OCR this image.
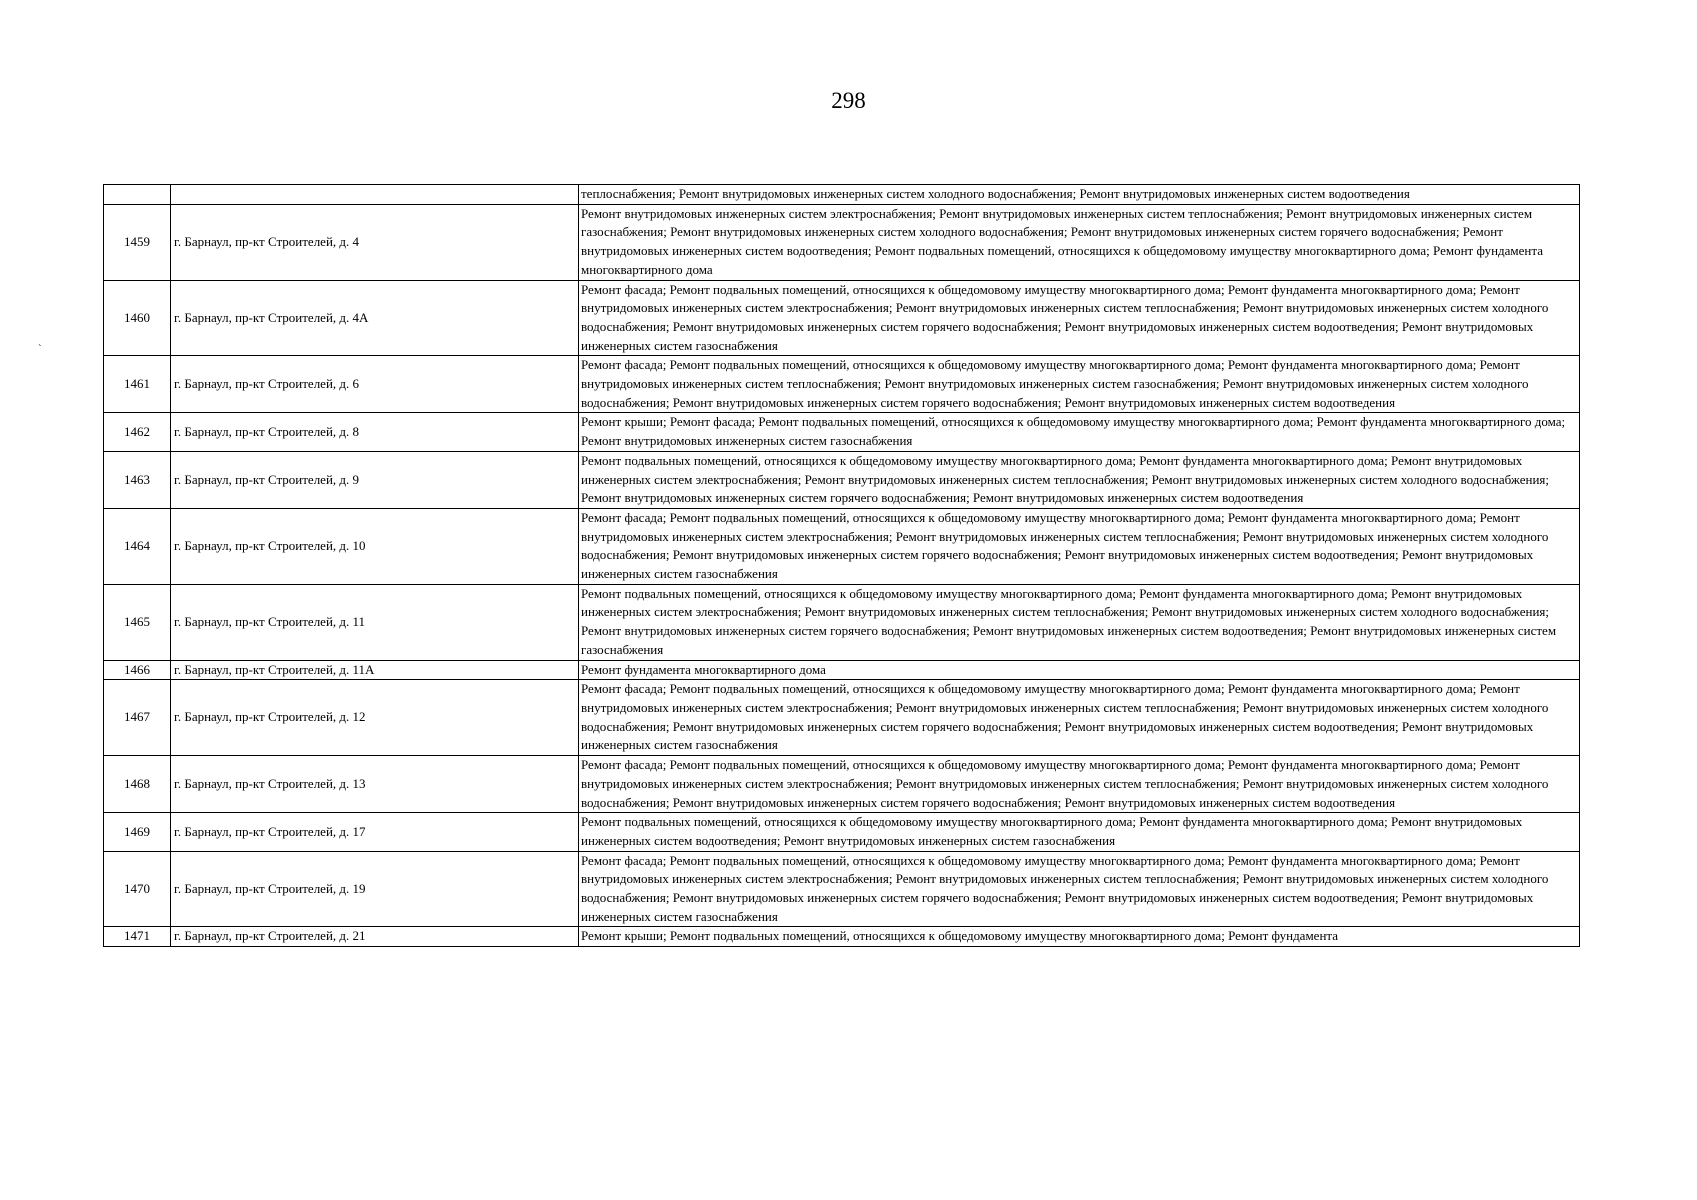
298
ˋ
		теплоснабжения; Ремонт внутридомовых инженерных систем холодного водоснабжения; Ремонт внутридомовых инженерных систем водоотведения
1459	г. Барнаул, пр-кт Строителей, д. 4	Ремонт внутридомовых инженерных систем электроснабжения; Ремонт внутридомовых инженерных систем теплоснабжения; Ремонт внутридомовых инженерных систем газоснабжения; Ремонт внутридомовых инженерных систем холодного водоснабжения; Ремонт внутридомовых инженерных систем горячего водоснабжения; Ремонт внутридомовых инженерных систем водоотведения; Ремонт подвальных помещений, относящихся к общедомовому имуществу многоквартирного дома; Ремонт фундамента многоквартирного дома
1460	г. Барнаул, пр-кт Строителей, д. 4А	Ремонт фасада; Ремонт подвальных помещений, относящихся к общедомовому имуществу многоквартирного дома; Ремонт фундамента многоквартирного дома; Ремонт внутридомовых инженерных систем электроснабжения; Ремонт внутридомовых инженерных систем теплоснабжения; Ремонт внутридомовых инженерных систем холодного водоснабжения; Ремонт внутридомовых инженерных систем горячего водоснабжения; Ремонт внутридомовых инженерных систем водоотведения; Ремонт внутридомовых инженерных систем газоснабжения
1461	г. Барнаул, пр-кт Строителей, д. 6	Ремонт фасада; Ремонт подвальных помещений, относящихся к общедомовому имуществу многоквартирного дома; Ремонт фундамента многоквартирного дома; Ремонт внутридомовых инженерных систем теплоснабжения; Ремонт внутридомовых инженерных систем газоснабжения; Ремонт внутридомовых инженерных систем холодного водоснабжения; Ремонт внутридомовых инженерных систем горячего водоснабжения; Ремонт внутридомовых инженерных систем водоотведения
1462	г. Барнаул, пр-кт Строителей, д. 8	Ремонт крыши; Ремонт фасада; Ремонт подвальных помещений, относящихся к общедомовому имуществу многоквартирного дома; Ремонт фундамента многоквартирного дома; Ремонт внутридомовых инженерных систем газоснабжения
1463	г. Барнаул, пр-кт Строителей, д. 9	Ремонт подвальных помещений, относящихся к общедомовому имуществу многоквартирного дома; Ремонт фундамента многоквартирного дома; Ремонт внутридомовых инженерных систем электроснабжения; Ремонт внутридомовых инженерных систем теплоснабжения; Ремонт внутридомовых инженерных систем холодного водоснабжения; Ремонт внутридомовых инженерных систем горячего водоснабжения; Ремонт внутридомовых инженерных систем водоотведения
1464	г. Барнаул, пр-кт Строителей, д. 10	Ремонт фасада; Ремонт подвальных помещений, относящихся к общедомовому имуществу многоквартирного дома; Ремонт фундамента многоквартирного дома; Ремонт внутридомовых инженерных систем электроснабжения; Ремонт внутридомовых инженерных систем теплоснабжения; Ремонт внутридомовых инженерных систем холодного водоснабжения; Ремонт внутридомовых инженерных систем горячего водоснабжения; Ремонт внутридомовых инженерных систем водоотведения; Ремонт внутридомовых инженерных систем газоснабжения
1465	г. Барнаул, пр-кт Строителей, д. 11	Ремонт подвальных помещений, относящихся к общедомовому имуществу многоквартирного дома; Ремонт фундамента многоквартирного дома; Ремонт внутридомовых инженерных систем электроснабжения; Ремонт внутридомовых инженерных систем теплоснабжения; Ремонт внутридомовых инженерных систем холодного водоснабжения; Ремонт внутридомовых инженерных систем горячего водоснабжения; Ремонт внутридомовых инженерных систем водоотведения; Ремонт внутридомовых инженерных систем газоснабжения
1466	г. Барнаул, пр-кт Строителей, д. 11А	Ремонт фундамента многоквартирного дома
1467	г. Барнаул, пр-кт Строителей, д. 12	Ремонт фасада; Ремонт подвальных помещений, относящихся к общедомовому имуществу многоквартирного дома; Ремонт фундамента многоквартирного дома; Ремонт внутридомовых инженерных систем электроснабжения; Ремонт внутридомовых инженерных систем теплоснабжения; Ремонт внутридомовых инженерных систем холодного водоснабжения; Ремонт внутридомовых инженерных систем горячего водоснабжения; Ремонт внутридомовых инженерных систем водоотведения; Ремонт внутридомовых инженерных систем газоснабжения
1468	г. Барнаул, пр-кт Строителей, д. 13	Ремонт фасада; Ремонт подвальных помещений, относящихся к общедомовому имуществу многоквартирного дома; Ремонт фундамента многоквартирного дома; Ремонт внутридомовых инженерных систем электроснабжения; Ремонт внутридомовых инженерных систем теплоснабжения; Ремонт внутридомовых инженерных систем холодного водоснабжения; Ремонт внутридомовых инженерных систем горячего водоснабжения; Ремонт внутридомовых инженерных систем водоотведения
1469	г. Барнаул, пр-кт Строителей, д. 17	Ремонт подвальных помещений, относящихся к общедомовому имуществу многоквартирного дома; Ремонт фундамента многоквартирного дома; Ремонт внутридомовых инженерных систем водоотведения; Ремонт внутридомовых инженерных систем газоснабжения
1470	г. Барнаул, пр-кт Строителей, д. 19	Ремонт фасада; Ремонт подвальных помещений, относящихся к общедомовому имуществу многоквартирного дома; Ремонт фундамента многоквартирного дома; Ремонт внутридомовых инженерных систем электроснабжения; Ремонт внутридомовых инженерных систем теплоснабжения; Ремонт внутридомовых инженерных систем холодного водоснабжения; Ремонт внутридомовых инженерных систем горячего водоснабжения; Ремонт внутридомовых инженерных систем водоотведения; Ремонт внутридомовых инженерных систем газоснабжения
1471	г. Барнаул, пр-кт Строителей, д. 21	Ремонт крыши; Ремонт подвальных помещений, относящихся к общедомовому имуществу многоквартирного дома; Ремонт фундамента
